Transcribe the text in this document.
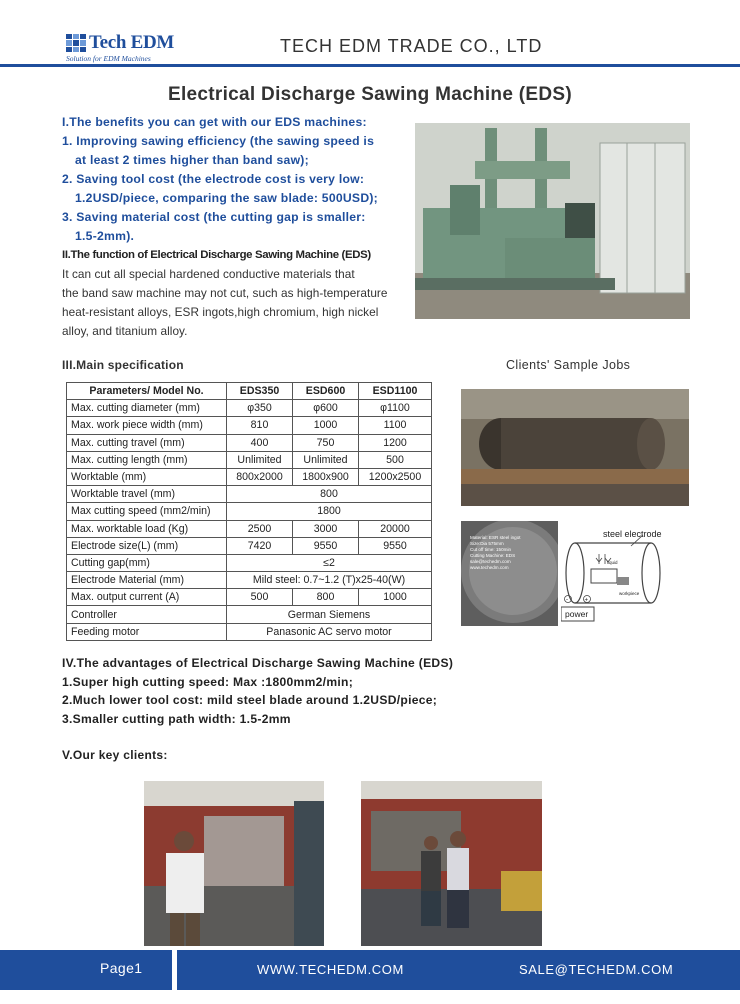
Tech EDM
Solution for EDM Machines
TECH EDM TRADE CO., LTD
Electrical Discharge Sawing Machine (EDS)
I.The benefits you can get with our EDS machines:
1. Improving sawing efficiency (the sawing speed is
at least 2 times higher than band saw);
2. Saving tool cost (the electrode cost is very low:
1.2USD/piece, comparing the saw blade: 500USD);
3. Saving material cost (the cutting gap is smaller:
1.5-2mm).
II.The function of Electrical Discharge Sawing Machine (EDS)
It can cut all special hardened conductive materials that
the band saw machine may not cut, such as high-temperature
heat-resistant alloys, ESR ingots,high chromium, high nickel
alloy, and titanium alloy.
III.Main specification	Clients' Sample Jobs
Parameters/ Model No.	EDS350	ESD600	ESD1100
Max. cutting diameter (mm)	φ350	φ600	φ1100
Max. work piece width (mm)	810	1000	1100
Max. cutting travel (mm)	400	750	1200
Max. cutting length (mm)	Unlimited	Unlimited	500
Worktable (mm)	800x2000	1800x900	1200x2500
Worktable travel (mm)	800		
Max cutting speed (mm2/min)	1800		
Max. worktable load (Kg)	2500	3000	20000
Electrode size(L) (mm)	7420	9550	9550
Cutting gap(mm)	≤2		
Electrode Material (mm)	Mild steel: 0.7~1.2 (T)x25-40(W)		
Max. output current (A)	500	800	1000
Controller	German Siemens		
Feeding motor	Panasonic AC servo motor		
Material: ESR steel ingot
Size:Dia 575mm
Cut off time: 150min
Cutting Machine: EDS
sale@techedm.com
www.techedm.com
steel electrode
liquid
workpiece
power
-	+
IV.The advantages of Electrical Discharge Sawing Machine (EDS)
1.Super high cutting speed: Max :1800mm2/min;
2.Much lower tool cost: mild steel blade around 1.2USD/piece;
3.Smaller cutting path width: 1.5-2mm
V.Our key clients:
Page1	WWW.TECHEDM.COM	SALE@TECHEDM.COM
